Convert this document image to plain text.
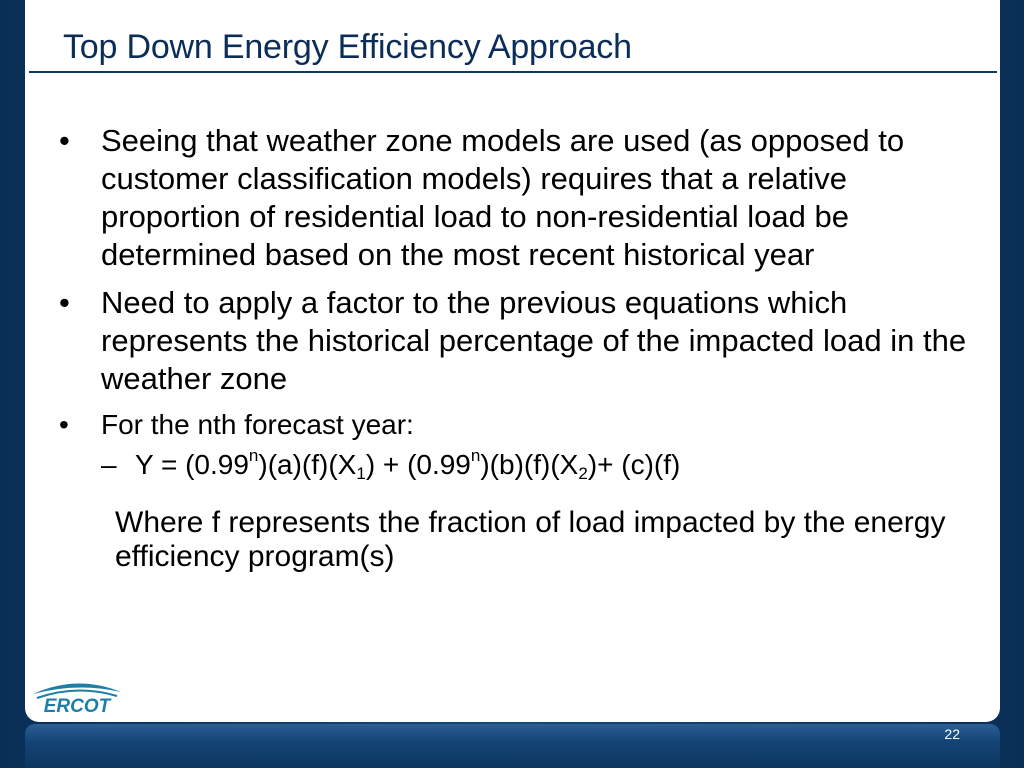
Top Down Energy Efficiency Approach
•	Seeing that weather zone models are used (as opposed to customer classification models) requires that a relative proportion of residential load to non-residential load be determined based on the most recent historical year
•	Need to apply a factor to the previous equations which represents the historical percentage of the impacted load in the weather zone
•	For the nth forecast year:
– $Y = (0.99^n)(a)(f)(X_1) + (0.99^n)(b)(f)(X_2)+ (c)(f)$
Where f represents the fraction of load impacted by the energy efficiency program(s)
ERCOT
22
